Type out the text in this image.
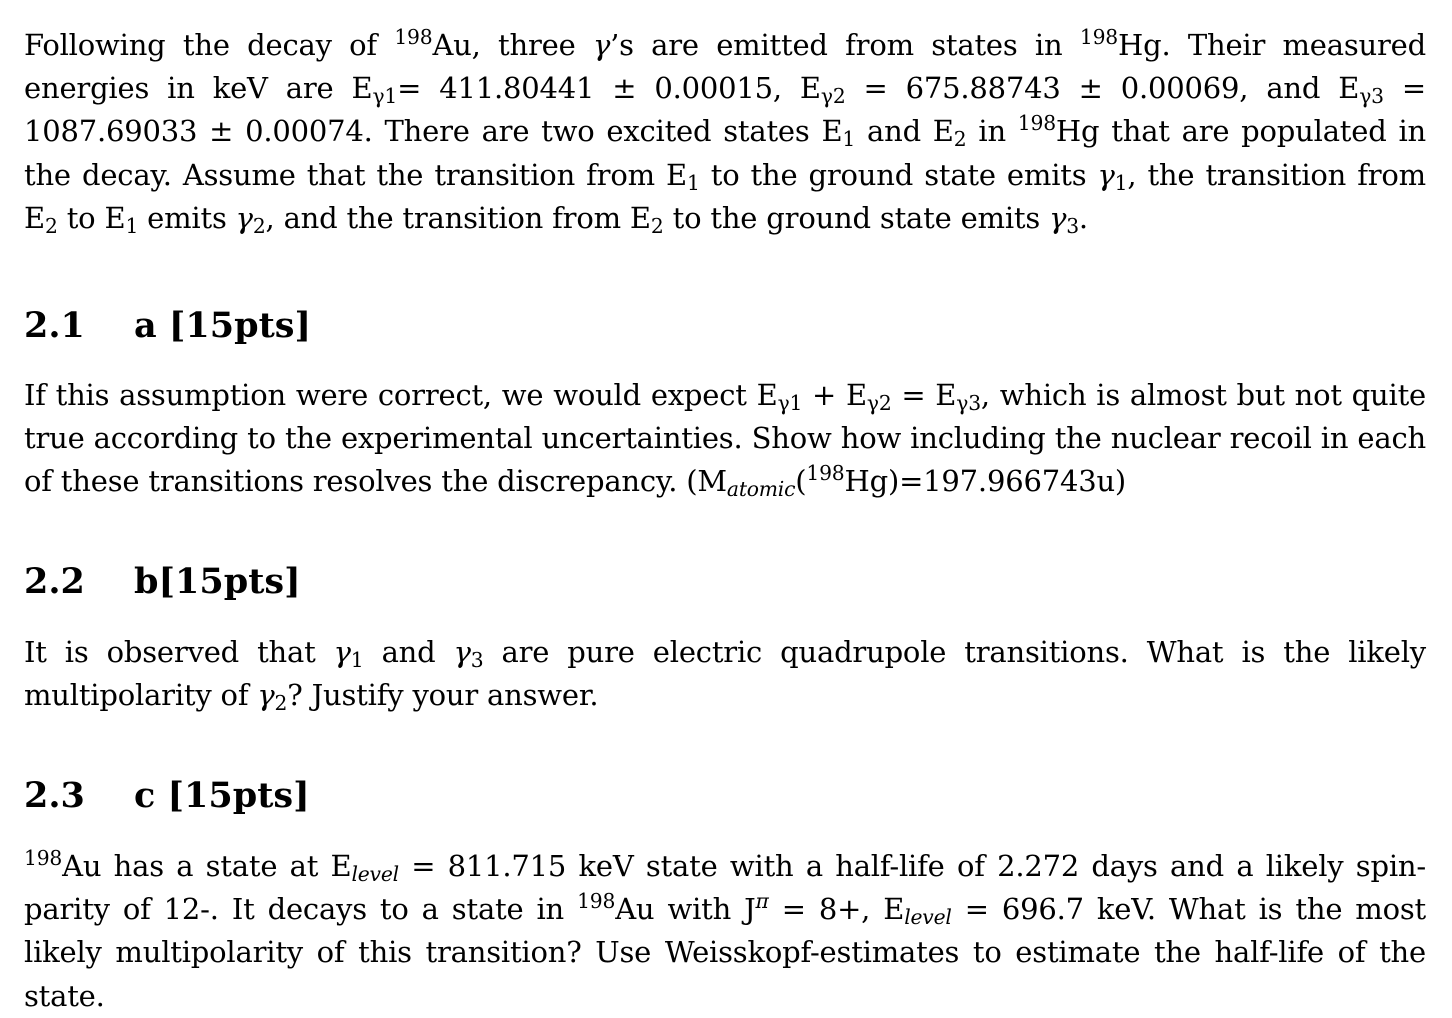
Following the decay of $^{198}$Au, three γ’s are emitted from states in $^{198}$Hg. Their measured energies in keV are $E_{\gamma 1}= 411.80441 \pm 0.00015$, $E_{\gamma 2} = 675.88743 \pm 0.00069$, and $E_{\gamma 3} = 1087.69033 \pm 0.00074$. There are two excited states $E_1$ and $E_2$ in $^{198}$Hg that are populated in the decay. Assume that the transition from $E_1$ to the ground state emits $\gamma_1$, the transition from $E_2$ to $E_1$ emits $\gamma_2$, and the transition from $E_2$ to the ground state emits $\gamma_3$.

2.1 a [15pts]

If this assumption were correct, we would expect $E_{\gamma 1} + E_{\gamma 2} = E_{\gamma 3}$, which is almost but not quite true according to the experimental uncertainties. Show how including the nuclear recoil in each of these transitions resolves the discrepancy. $(M_{atomic}(^{198}Hg)=197.966743u)$

2.2 b[15pts]

It is observed that $\gamma_1$ and $\gamma_3$ are pure electric quadrupole transitions. What is the likely multipolarity of $\gamma_2$? Justify your answer.

2.3 c [15pts]

$^{198}$Au has a state at $E_{level} = 811.715$ keV state with a half-life of 2.272 days and a likely spin-parity of 12-. It decays to a state in $^{198}$Au with $J^\pi = 8+$, $E_{level} = 696.7$ keV. What is the most likely multipolarity of this transition? Use Weisskopf-estimates to estimate the half-life of the state.
